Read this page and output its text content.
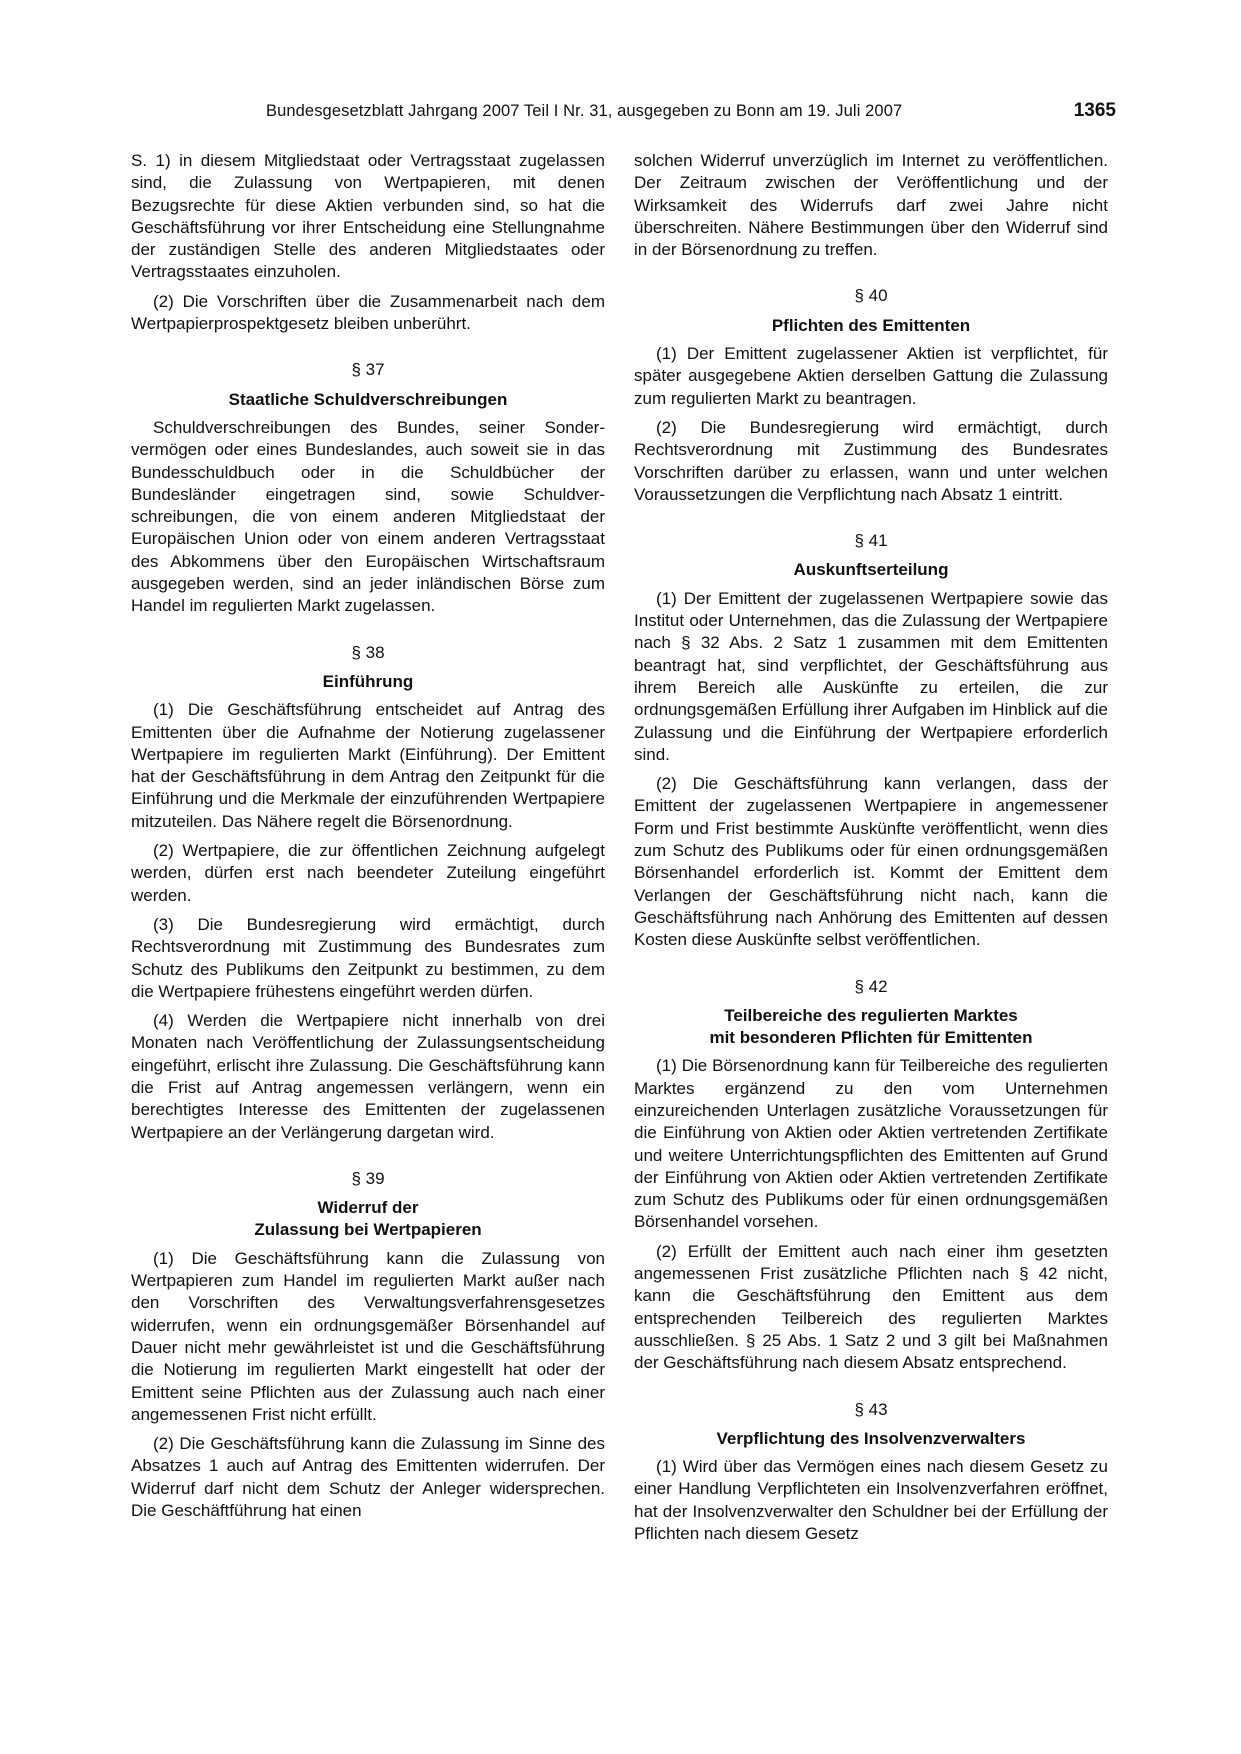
Bundesgesetzblatt Jahrgang 2007 Teil I Nr. 31, ausgegeben zu Bonn am 19. Juli 2007	1365

S. 1) in diesem Mitgliedstaat oder Vertragsstaat zugelassen sind, die Zulassung von Wertpapieren, mit denen Bezugsrechte für diese Aktien verbunden sind, so hat die Geschäftsführung vor ihrer Entscheidung eine Stellungnahme der zuständigen Stelle des anderen Mitgliedstaates oder Vertragsstaates einzuholen.

(2) Die Vorschriften über die Zusammenarbeit nach dem Wertpapierprospektgesetz bleiben unberührt.

§ 37
Staatliche Schuldverschreibungen

Schuldverschreibungen des Bundes, seiner Sondervermögen oder eines Bundeslandes, auch soweit sie in das Bundesschuldbuch oder in die Schuldbücher der Bundesländer eingetragen sind, sowie Schuldverschreibungen, die von einem anderen Mitgliedstaat der Europäischen Union oder von einem anderen Vertragsstaat des Abkommens über den Europäischen Wirtschaftsraum ausgegeben werden, sind an jeder inländischen Börse zum Handel im regulierten Markt zugelassen.

§ 38
Einführung

(1) Die Geschäftsführung entscheidet auf Antrag des Emittenten über die Aufnahme der Notierung zugelassener Wertpapiere im regulierten Markt (Einführung). Der Emittent hat der Geschäftsführung in dem Antrag den Zeitpunkt für die Einführung und die Merkmale der einzuführenden Wertpapiere mitzuteilen. Das Nähere regelt die Börsenordnung.

(2) Wertpapiere, die zur öffentlichen Zeichnung aufgelegt werden, dürfen erst nach beendeter Zuteilung eingeführt werden.

(3) Die Bundesregierung wird ermächtigt, durch Rechtsverordnung mit Zustimmung des Bundesrates zum Schutz des Publikums den Zeitpunkt zu bestimmen, zu dem die Wertpapiere frühestens eingeführt werden dürfen.

(4) Werden die Wertpapiere nicht innerhalb von drei Monaten nach Veröffentlichung der Zulassungsentscheidung eingeführt, erlischt ihre Zulassung. Die Geschäftsführung kann die Frist auf Antrag angemessen verlängern, wenn ein berechtigtes Interesse des Emittenten der zugelassenen Wertpapiere an der Verlängerung dargetan wird.

§ 39
Widerruf der
Zulassung bei Wertpapieren

(1) Die Geschäftsführung kann die Zulassung von Wertpapieren zum Handel im regulierten Markt außer nach den Vorschriften des Verwaltungsverfahrensgesetzes widerrufen, wenn ein ordnungsgemäßer Börsenhandel auf Dauer nicht mehr gewährleistet ist und die Geschäftsführung die Notierung im regulierten Markt eingestellt hat oder der Emittent seine Pflichten aus der Zulassung auch nach einer angemessenen Frist nicht erfüllt.

(2) Die Geschäftsführung kann die Zulassung im Sinne des Absatzes 1 auch auf Antrag des Emittenten widerrufen. Der Widerruf darf nicht dem Schutz der Anleger widersprechen. Die Geschäftführung hat einen

solchen Widerruf unverzüglich im Internet zu veröffentlichen. Der Zeitraum zwischen der Veröffentlichung und der Wirksamkeit des Widerrufs darf zwei Jahre nicht überschreiten. Nähere Bestimmungen über den Widerruf sind in der Börsenordnung zu treffen.

§ 40
Pflichten des Emittenten

(1) Der Emittent zugelassener Aktien ist verpflichtet, für später ausgegebene Aktien derselben Gattung die Zulassung zum regulierten Markt zu beantragen.

(2) Die Bundesregierung wird ermächtigt, durch Rechtsverordnung mit Zustimmung des Bundesrates Vorschriften darüber zu erlassen, wann und unter welchen Voraussetzungen die Verpflichtung nach Absatz 1 eintritt.

§ 41
Auskunftserteilung

(1) Der Emittent der zugelassenen Wertpapiere sowie das Institut oder Unternehmen, das die Zulassung der Wertpapiere nach § 32 Abs. 2 Satz 1 zusammen mit dem Emittenten beantragt hat, sind verpflichtet, der Geschäftsführung aus ihrem Bereich alle Auskünfte zu erteilen, die zur ordnungsgemäßen Erfüllung ihrer Aufgaben im Hinblick auf die Zulassung und die Einführung der Wertpapiere erforderlich sind.

(2) Die Geschäftsführung kann verlangen, dass der Emittent der zugelassenen Wertpapiere in angemessener Form und Frist bestimmte Auskünfte veröffentlicht, wenn dies zum Schutz des Publikums oder für einen ordnungsgemäßen Börsenhandel erforderlich ist. Kommt der Emittent dem Verlangen der Geschäftsführung nicht nach, kann die Geschäftsführung nach Anhörung des Emittenten auf dessen Kosten diese Auskünfte selbst veröffentlichen.

§ 42
Teilbereiche des regulierten Marktes
mit besonderen Pflichten für Emittenten

(1) Die Börsenordnung kann für Teilbereiche des regulierten Marktes ergänzend zu den vom Unternehmen einzureichenden Unterlagen zusätzliche Voraussetzungen für die Einführung von Aktien oder Aktien vertretenden Zertifikate und weitere Unterrichtungspflichten des Emittenten auf Grund der Einführung von Aktien oder Aktien vertretenden Zertifikate zum Schutz des Publikums oder für einen ordnungsgemäßen Börsenhandel vorsehen.

(2) Erfüllt der Emittent auch nach einer ihm gesetzten angemessenen Frist zusätzliche Pflichten nach § 42 nicht, kann die Geschäftsführung den Emittent aus dem entsprechenden Teilbereich des regulierten Marktes ausschließen. § 25 Abs. 1 Satz 2 und 3 gilt bei Maßnahmen der Geschäftsführung nach diesem Absatz entsprechend.

§ 43
Verpflichtung des Insolvenzverwalters

(1) Wird über das Vermögen eines nach diesem Gesetz zu einer Handlung Verpflichteten ein Insolvenzverfahren eröffnet, hat der Insolvenzverwalter den Schuldner bei der Erfüllung der Pflichten nach diesem Gesetz
